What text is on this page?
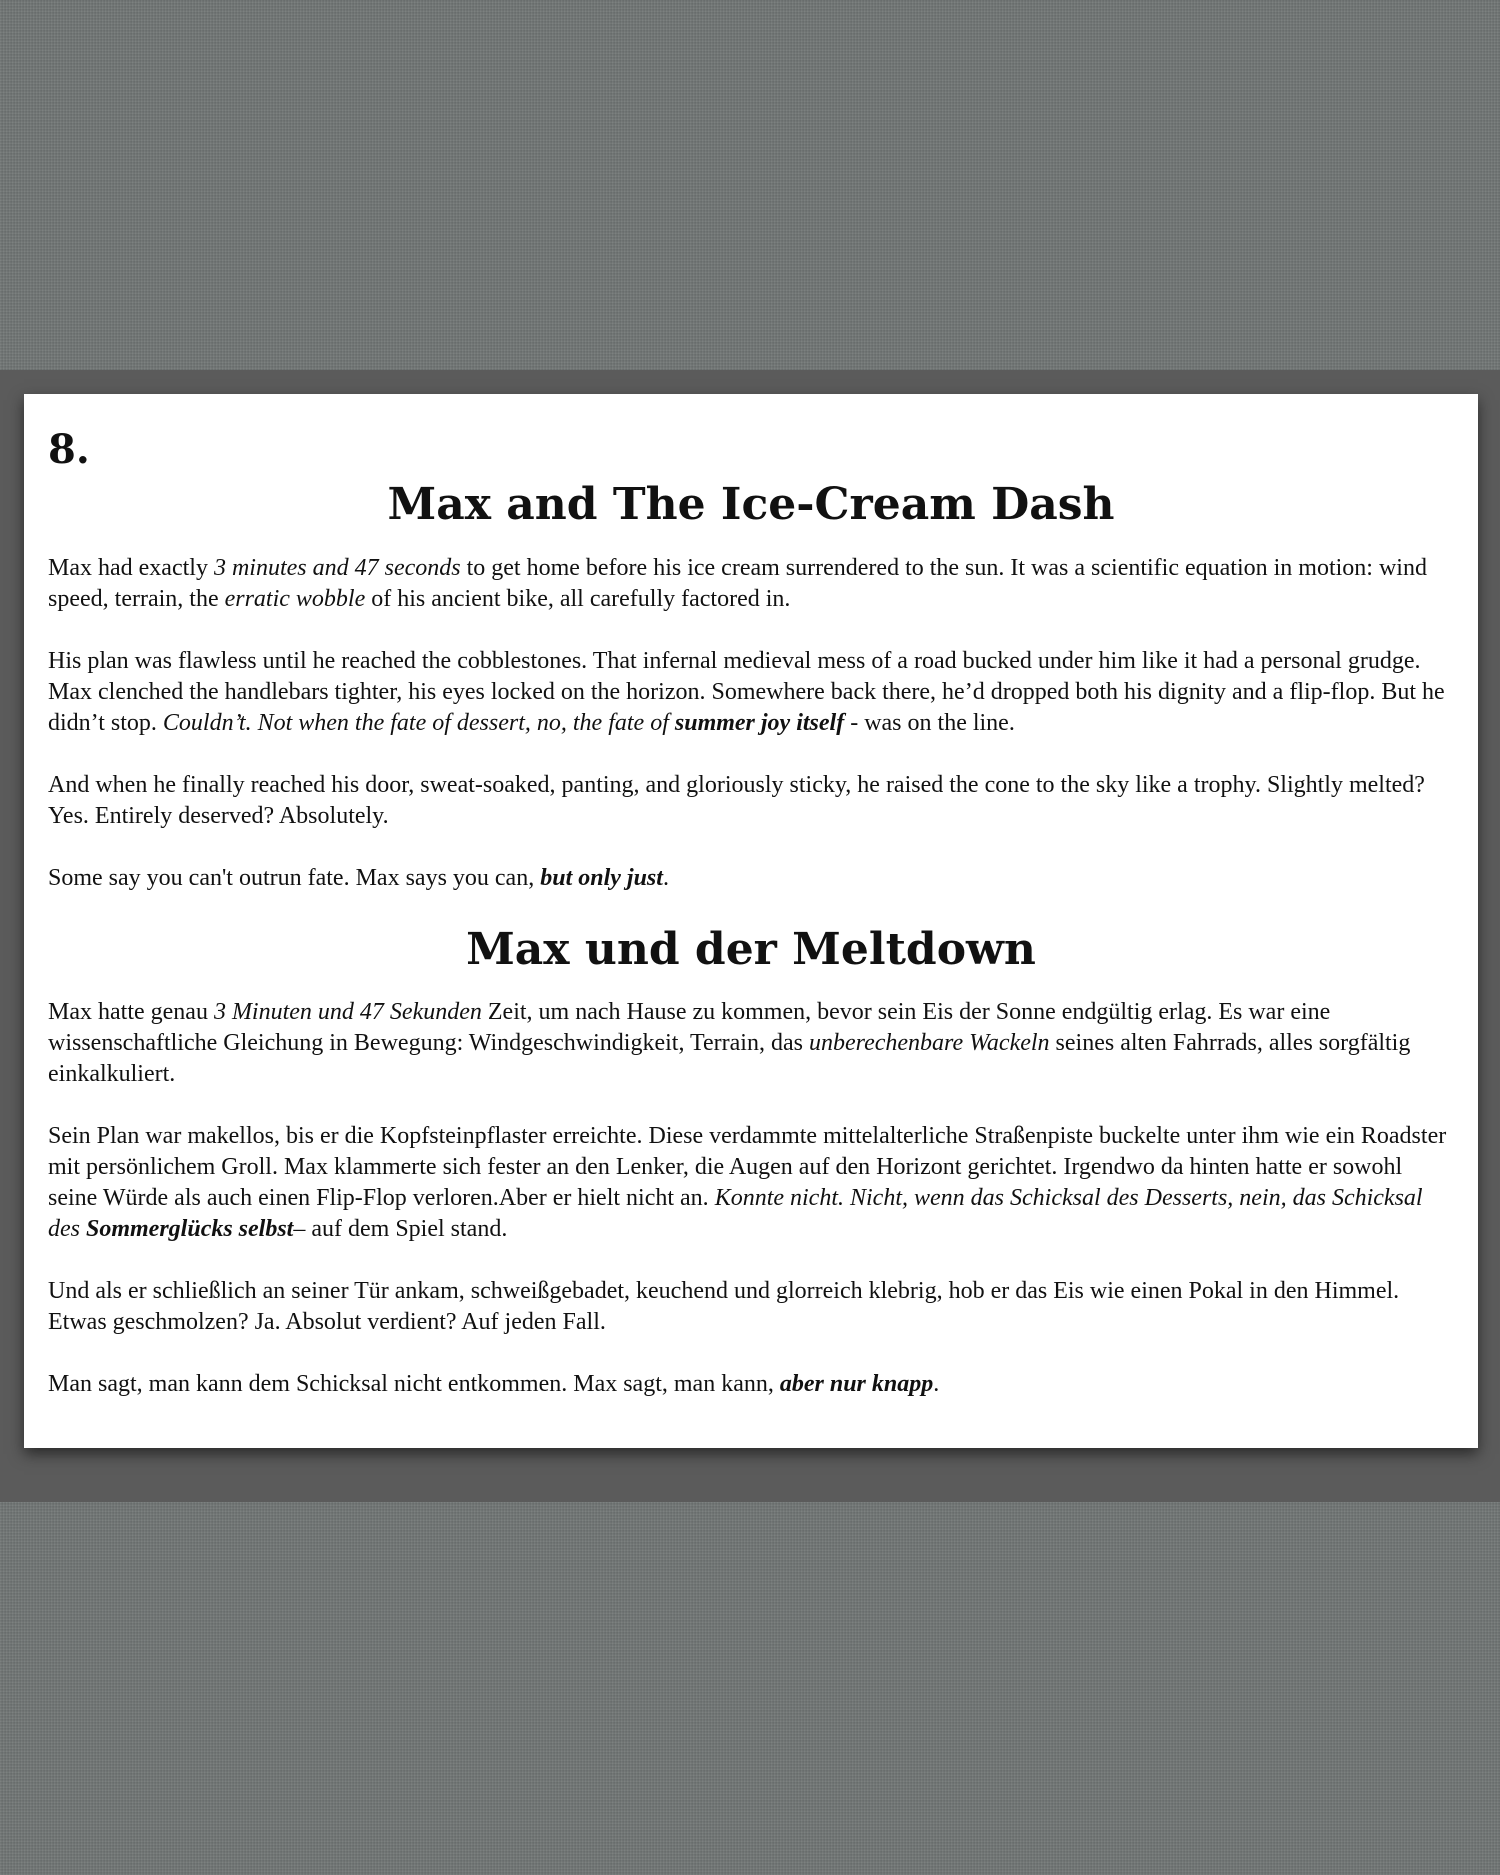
8.
Max and The Ice-Cream Dash

Max had exactly 3 minutes and 47 seconds to get home before his ice cream surrendered to the sun. It was a scientific equation in motion: wind speed, terrain, the erratic wobble of his ancient bike, all carefully factored in.

His plan was flawless until he reached the cobblestones. That infernal medieval mess of a road bucked under him like it had a personal grudge. Max clenched the handlebars tighter, his eyes locked on the horizon. Somewhere back there, he’d dropped both his dignity and a flip-flop. But he didn’t stop. Couldn’t. Not when the fate of dessert, no, the fate of summer joy itself - was on the line.

And when he finally reached his door, sweat-soaked, panting, and gloriously sticky, he raised the cone to the sky like a trophy. Slightly melted? Yes. Entirely deserved? Absolutely.

Some say you can't outrun fate. Max says you can, but only just.

Max und der Meltdown

Max hatte genau 3 Minuten und 47 Sekunden Zeit, um nach Hause zu kommen, bevor sein Eis der Sonne endgültig erlag. Es war eine wissenschaftliche Gleichung in Bewegung: Windgeschwindigkeit, Terrain, das unberechenbare Wackeln seines alten Fahrrads, alles sorgfältig einkalkuliert.

Sein Plan war makellos, bis er die Kopfsteinpflaster erreichte. Diese verdammte mittelalterliche Straßenpiste buckelte unter ihm wie ein Roadster mit persönlichem Groll. Max klammerte sich fester an den Lenker, die Augen auf den Horizont gerichtet. Irgendwo da hinten hatte er sowohl seine Würde als auch einen Flip-Flop verloren.Aber er hielt nicht an. Konnte nicht. Nicht, wenn das Schicksal des Desserts, nein, das Schicksal des Sommerglücks selbst– auf dem Spiel stand.

Und als er schließlich an seiner Tür ankam, schweißgebadet, keuchend und glorreich klebrig, hob er das Eis wie einen Pokal in den Himmel. Etwas geschmolzen? Ja. Absolut verdient? Auf jeden Fall.

Man sagt, man kann dem Schicksal nicht entkommen. Max sagt, man kann, aber nur knapp.
